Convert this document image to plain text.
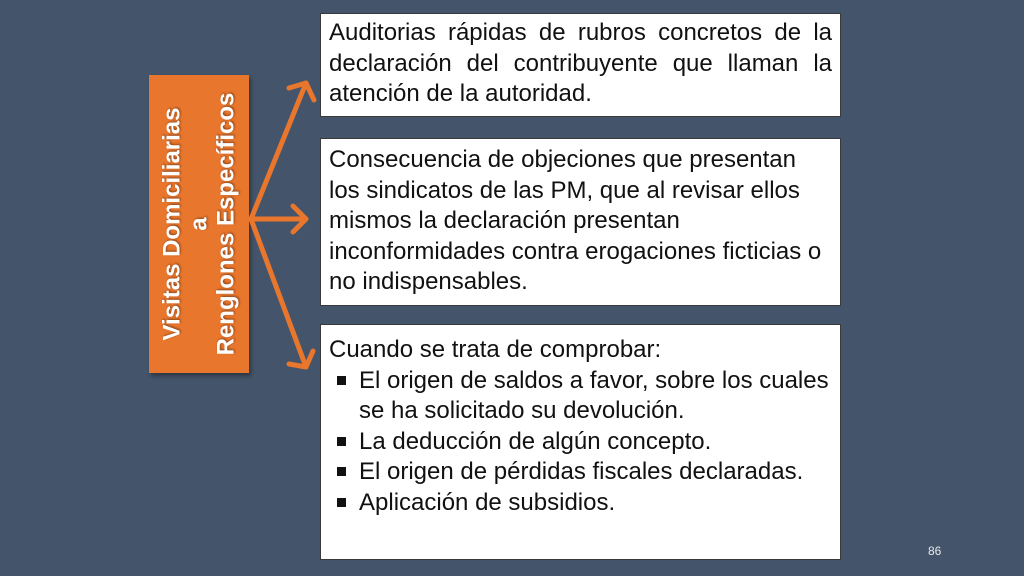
Visitas Domiciliarias a Renglones Específicos
Auditorias rápidas de rubros concretos de la declaración del contribuyente que llaman la atención de la autoridad.
Consecuencia de objeciones que presentan los sindicatos de las PM, que al revisar ellos mismos la declaración presentan inconformidades contra erogaciones ficticias o no indispensables.
Cuando se trata de comprobar:
El origen de saldos a favor, sobre los cuales se ha solicitado su devolución.
La deducción de algún concepto.
El origen de pérdidas fiscales declaradas.
Aplicación de subsidios.
86
